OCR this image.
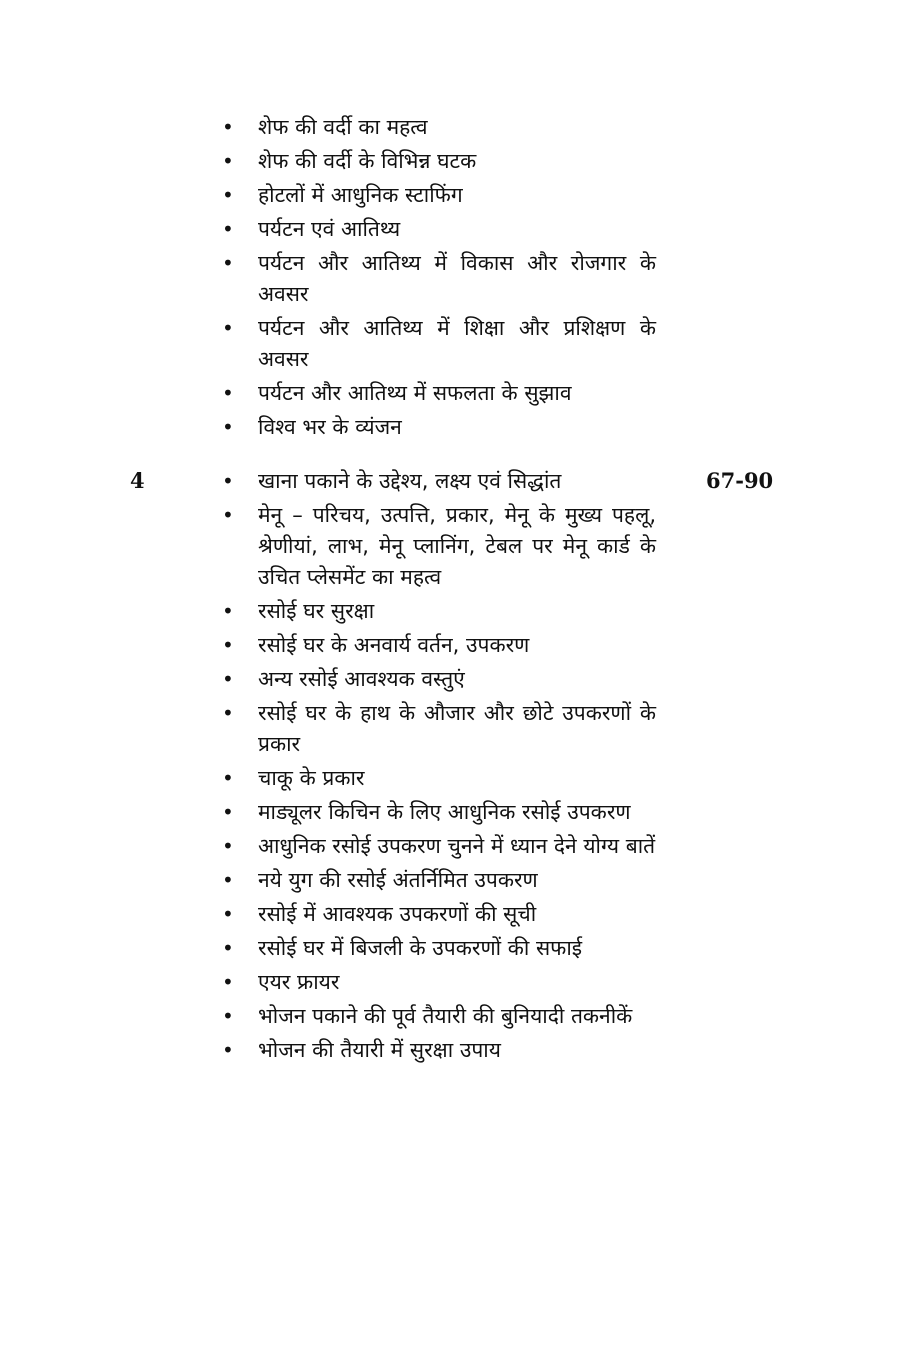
• शेफ की वर्दी का महत्व
• शेफ की वर्दी के विभिन्न घटक
• होटलों में आधुनिक स्टाफिंग
• पर्यटन एवं आतिथ्य
• पर्यटन और आतिथ्य में विकास और रोजगार के अवसर
• पर्यटन और आतिथ्य में शिक्षा और प्रशिक्षण के अवसर
• पर्यटन और आतिथ्य में सफलता के सुझाव
• विश्व भर के व्यंजन
4	67-90
• खाना पकाने के उद्देश्य, लक्ष्य एवं सिद्धांत
• मेनू – परिचय, उत्पत्ति, प्रकार, मेनू के मुख्य पहलू, श्रेणीयां, लाभ, मेनू प्लानिंग, टेबल पर मेनू कार्ड के उचित प्लेसमेंट का महत्व
• रसोई घर सुरक्षा
• रसोई घर के अनवार्य वर्तन, उपकरण
• अन्य रसोई आवश्यक वस्तुएं
• रसोई घर के हाथ के औजार और छोटे उपकरणों के प्रकार
• चाकू के प्रकार
• माड्यूलर किचिन के लिए आधुनिक रसोई उपकरण
• आधुनिक रसोई उपकरण चुनने में ध्यान देने योग्य बातें
• नये युग की रसोई अंतर्निमित उपकरण
• रसोई में आवश्यक उपकरणों की सूची
• रसोई घर में बिजली के उपकरणों की सफाई
• एयर फ्रायर
• भोजन पकाने की पूर्व तैयारी की बुनियादी तकनीकें
• भोजन की तैयारी में सुरक्षा उपाय
